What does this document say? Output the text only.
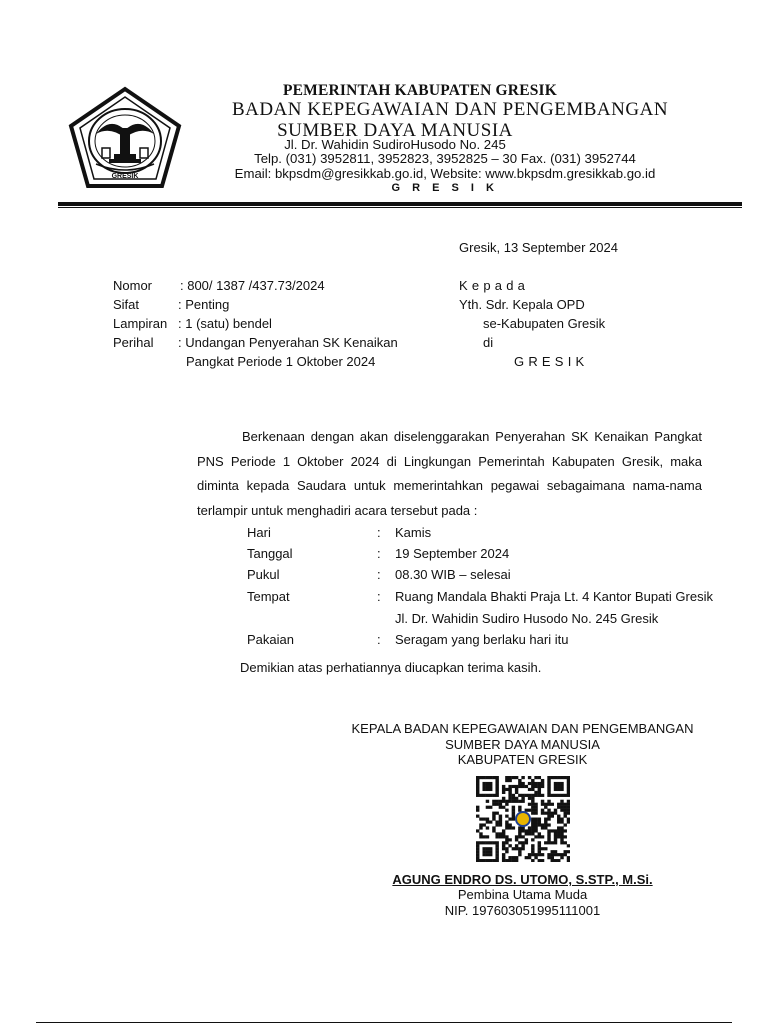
GRESIK
PEMERINTAH KABUPATEN GRESIK
BADAN KEPEGAWAIAN DAN PENGEMBANGAN
SUMBER DAYA MANUSIA
Jl. Dr. Wahidin SudiroHusodo No. 245
Telp. (031) 3952811, 3952823, 3952825 – 30 Fax. (031) 3952744
Email: bkpsdm@gresikkab.go.id, Website: www.bkpsdm.gresikkab.go.id
G R E S I K
Gresik, 13 September 2024
Nomor : 800/ 1387 /437.73/2024
Sifat	: Penting
Lampiran : 1 (satu) bendel
Perihal : Undangan Penyerahan SK Kenaikan
Pangkat Periode 1 Oktober 2024
K e p a d a
Yth. Sdr. Kepala OPD
se-Kabupaten Gresik
di
G R E S I K
Berkenaan dengan akan diselenggarakan Penyerahan SK Kenaikan Pangkat PNS Periode 1 Oktober 2024 di Lingkungan Pemerintah Kabupaten Gresik, maka diminta kepada Saudara untuk memerintahkan pegawai sebagaimana nama-nama terlampir untuk menghadiri acara tersebut pada :
Hari	: Kamis
Tanggal	: 19 September 2024
Pukul	: 08.30 WIB – selesai
Tempat	: Ruang Mandala Bhakti Praja Lt. 4 Kantor Bupati Gresik
Jl. Dr. Wahidin Sudiro Husodo No. 245 Gresik
Pakaian	: Seragam yang berlaku hari itu
Demikian atas perhatiannya diucapkan terima kasih.
KEPALA BADAN KEPEGAWAIAN DAN PENGEMBANGAN
SUMBER DAYA MANUSIA
KABUPATEN GRESIK
AGUNG ENDRO DS. UTOMO, S.STP., M.Si.
Pembina Utama Muda
NIP. 197603051995111001
